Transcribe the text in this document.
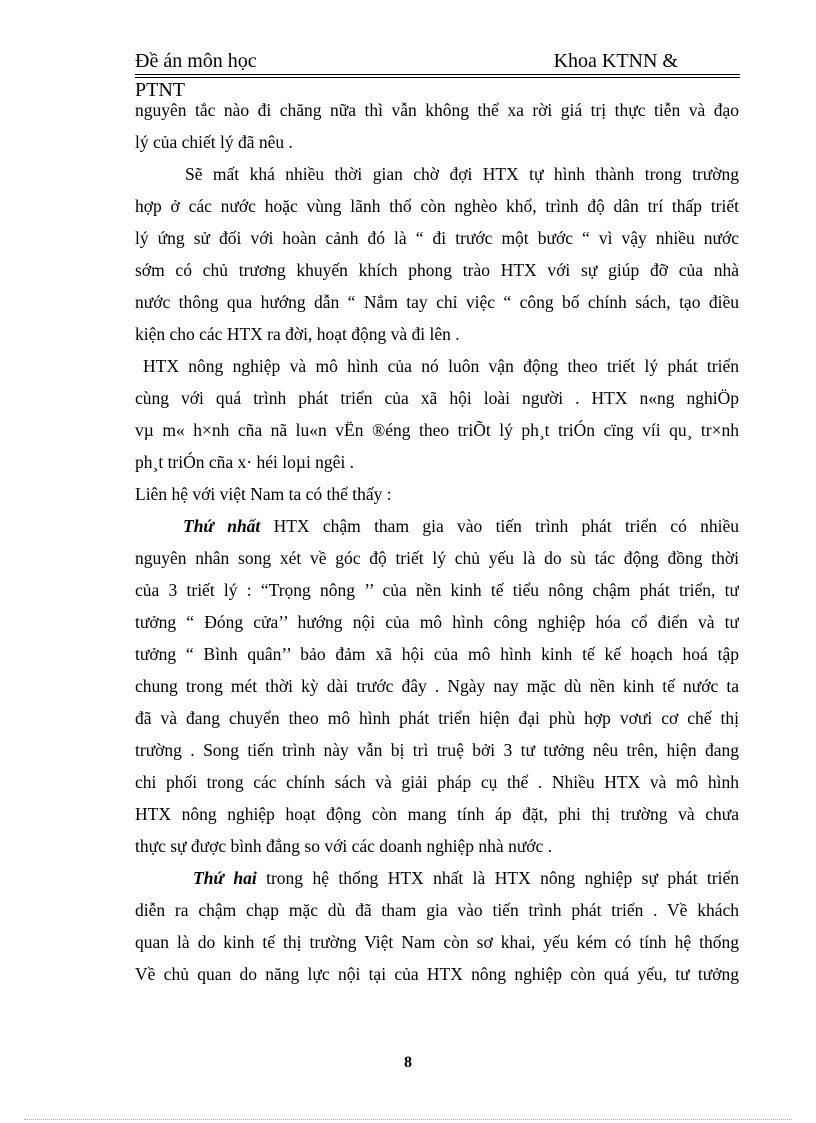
Đề án môn học	Khoa KTNN &
PTNT
nguyên tắc nào đi chăng nữa thì vẫn không thể xa rời giá trị thực tiễn và đạo
lý của chiết lý đã nêu .
Sẽ mất khá nhiều thời gian chờ đợi HTX tự hình thành trong trường
hợp ở các nước hoặc vùng lãnh thổ còn nghèo khổ, trình độ dân trí thấp triết
lý ứng sử đối với hoàn cảnh đó là “ đi trước một bước “ vì vậy nhiều nước
sớm có chủ trương khuyến khích phong trào HTX với sự giúp đỡ của nhà
nước thông qua hướng dẫn “ Nắm tay chỉ việc “ công bố chính sách, tạo điều
kiện cho các HTX ra đời, hoạt động và đi lên .
HTX nông nghiệp và mô hình của nó luôn vận động theo triết lý phát triển
cùng với quá trình phát triển của xã hội loài người . HTX n«ng nghiÖp
vµ m« h×nh cña nã lu«n vËn ®éng theo triÕt lý ph¸t triÓn cïng víi qu¸ tr×nh
ph¸t triÓn cña x· héi loµi ngêi .
Liên hệ với việt Nam ta có thể thấy :
Thứ nhất HTX chậm tham gia vào tiến trình phát triển có nhiều
nguyên nhân song xét về góc độ triết lý chủ yếu là do sù tác động đồng thời
của 3 triết lý : “Trọng nông ’’ của nền kinh tế tiểu nông chậm phát triển, tư
tưởng “ Đóng cửa’’ hướng nội của mô hình công nghiệp hóa cổ điển và tư
tưởng “ Bình quân’’ bảo đảm xã hội của mô hình kinh tế kế hoạch hoá tập
chung trong mét thời kỳ dài trước đây . Ngày nay mặc dù nền kinh tế nước ta
đã và đang chuyển theo mô hình phát triển hiện đại phù hợp vơưi cơ chế thị
trường . Song tiến trình này vẫn bị trì truệ bởi 3 tư tưởng nêu trên, hiện đang
chi phối trong các chính sách và giải pháp cụ thể . Nhiều HTX và mô hình
HTX nông nghiệp hoạt động còn mang tính áp đặt, phi thị trường và chưa
thực sự được bình đẳng so với các doanh nghiệp nhà nước .
Thứ hai trong hệ thống HTX nhất là HTX nông nghiệp sự phát triển
diễn ra chậm chạp mặc dù đã tham gia vào tiến trình phát triển . Về khách
quan là do kinh tế thị trường Việt Nam còn sơ khai, yếu kém có tính hệ thống
Về chủ quan do năng lực nội tại của HTX nông nghiệp còn quá yếu, tư tưởng
8
